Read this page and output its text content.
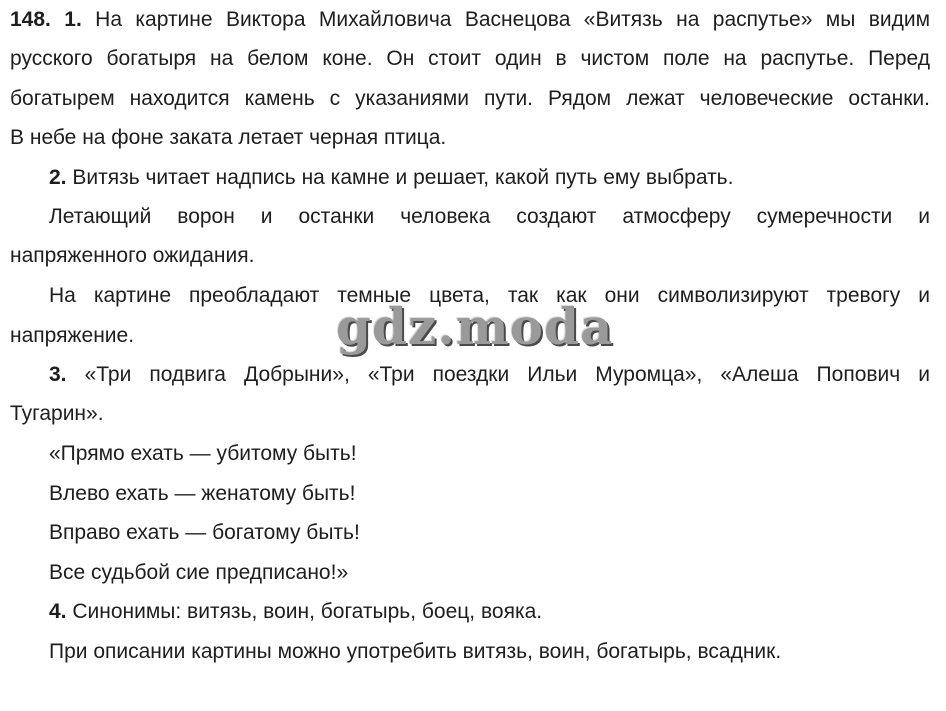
148. 1. На картине Виктора Михайловича Васнецова «Витязь на распутье» мы видим
русского богатыря на белом коне. Он стоит один в чистом поле на распутье. Перед
богатырем находится камень с указаниями пути. Рядом лежат человеческие останки.
В небе на фоне заката летает черная птица.
2. Витязь читает надпись на камне и решает, какой путь ему выбрать.
Летающий ворон и останки человека создают атмосферу сумеречности и
напряженного ожидания.
На картине преобладают темные цвета, так как они символизируют тревогу и
напряжение.
3. «Три подвига Добрыни», «Три поездки Ильи Муромца», «Алеша Попович и
Тугарин».
«Прямо ехать — убитому быть!
Влево ехать — женатому быть!
Вправо ехать — богатому быть!
Все судьбой сие предписано!»
4. Синонимы: витязь, воин, богатырь, боец, вояка.
При описании картины можно употребить витязь, воин, богатырь, всадник.
gdz.moda
